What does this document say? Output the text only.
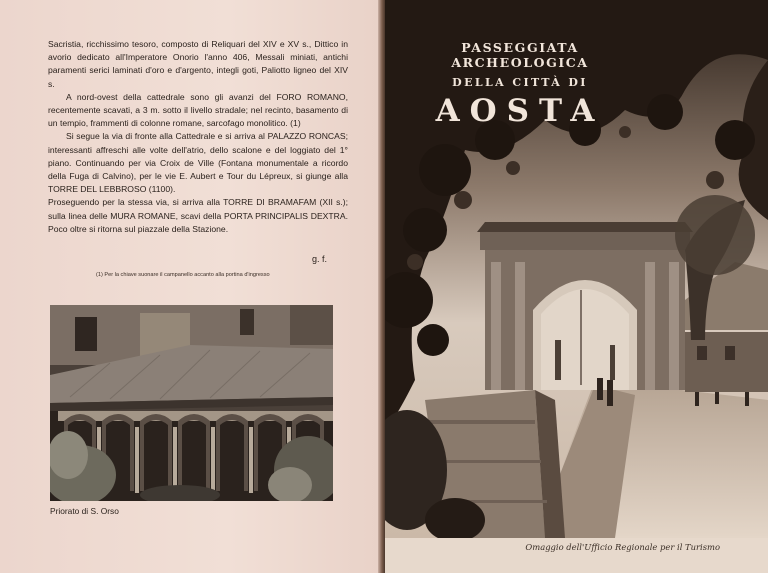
Sacristia, ricchissimo tesoro, composto di Reliquari del XIV e XV s., Dittico in avorio dedicato all'Imperatore Onorio l'anno 406, Messali miniati, antichi paramenti serici laminati d'oro e d'argento, integli goti, Paliotto ligneo del XIV s.

A nord-ovest della cattedrale sono gli avanzi del FORO ROMANO, recentemente scavati, a 3 m. sotto il livello stradale; nel recinto, basamento di un tempio, frammenti di colonne romane, sarcofago monolitico. (1)

Si segue la via di fronte alla Cattedrale e si arriva al PALAZZO RONCAS; interessanti affreschi alle volte dell'atrio, dello scalone e del loggiato del 1° piano. Continuando per via Croix de Ville (Fontana monumentale a ricordo della Fuga di Calvino), per le vie E. Aubert e Tour du Lépreux, si giunge alla TORRE DEL LEBBROSO (1100).

Proseguendo per la stessa via, si arriva alla TORRE DI BRAMAFAM (XII s.); sulla linea delle MURA ROMANE, scavi della PORTA PRINCIPALIS DEXTRA. Poco oltre si ritorna sul piazzale della Stazione.

g. f.
(1) Per la chiave suonare il campanello accanto alla portina d'ingresso
Priorato di S. Orso
PASSEGGIATA ARCHEOLOGICA
DELLA CITTÀ DI
AOSTA
Omaggio dell'Ufficio Regionale per il Turismo
